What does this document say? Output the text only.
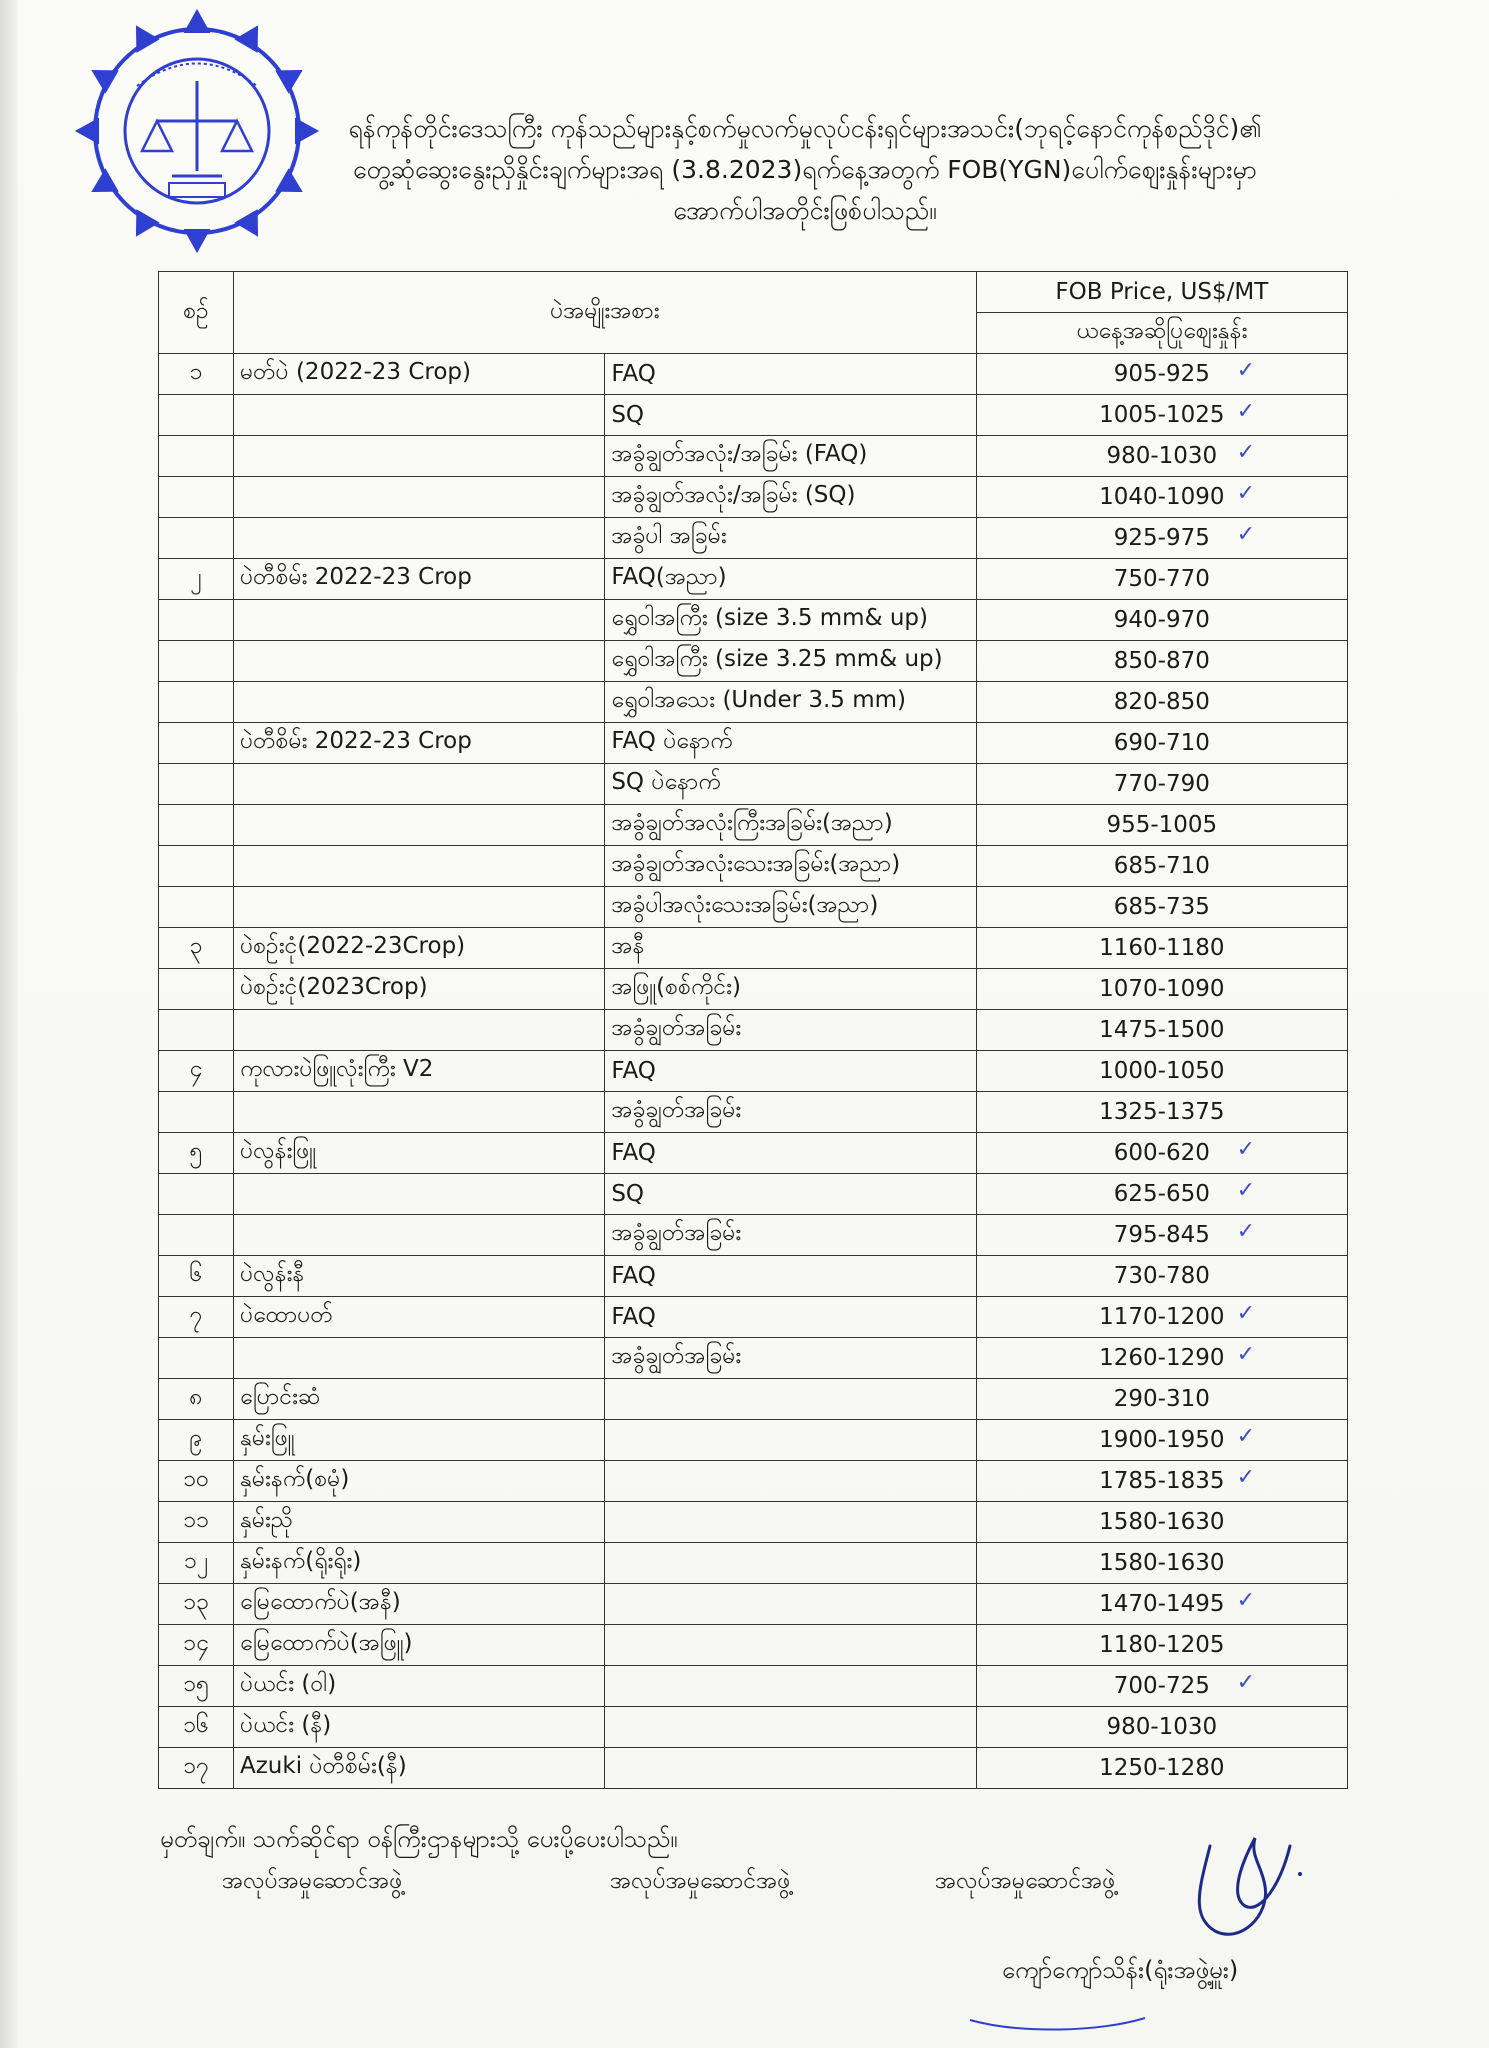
ရန်ကုန်တိုင်းဒေသကြီး ကုန်သည်များနှင့်စက်မှုလက်မှုလုပ်ငန်းရှင်များအသင်း(ဘုရင့်နောင်ကုန်စည်ဒိုင်)၏
တွေ့ဆုံဆွေးနွေးညှိနှိုင်းချက်များအရ (3.8.2023)ရက်နေ့အတွက် FOB(YGN)ပေါက်ဈေးနှုန်းများမှာ
အောက်ပါအတိုင်းဖြစ်ပါသည်။
စဉ်	ပဲအမျိုးအစား		FOB Price, US$/MT
			ယနေ့အဆိုပြုဈေးနှုန်း
၁	မတ်ပဲ (2022-23 Crop)	FAQ	905-925 ✓

		SQ	1005-1025 ✓

		အခွံချွတ်အလုံး/အခြမ်း (FAQ)	980-1030 ✓

		အခွံချွတ်အလုံး/အခြမ်း (SQ)	1040-1090 ✓

		အခွံပါ အခြမ်း	925-975 ✓

၂	ပဲတီစိမ်း 2022-23 Crop	FAQ(အညာ)	750-770
		ရွှေဝါအကြီး (size 3.5 mm& up)	940-970
		ရွှေဝါအကြီး (size 3.25 mm& up)	850-870
		ရွှေဝါအသေး (Under 3.5 mm)	820-850
	ပဲတီစိမ်း 2022-23 Crop	FAQ ပဲနောက်	690-710
		SQ ပဲနောက်	770-790
		အခွံချွတ်အလုံးကြီးအခြမ်း(အညာ)	955-1005
		အခွံချွတ်အလုံးသေးအခြမ်း(အညာ)	685-710
		အခွံပါအလုံးသေးအခြမ်း(အညာ)	685-735
၃	ပဲစဉ်းငုံ(2022-23Crop)	အနီ	1160-1180
	ပဲစဉ်းငုံ(2023Crop)	အဖြူ(စစ်ကိုင်း)	1070-1090
		အခွံချွတ်အခြမ်း	1475-1500
၄	ကုလားပဲဖြူလုံးကြီး V2	FAQ	1000-1050
		အခွံချွတ်အခြမ်း	1325-1375
၅	ပဲလွန်းဖြူ	FAQ	600-620 ✓

		SQ	625-650 ✓

		အခွံချွတ်အခြမ်း	795-845 ✓

၆	ပဲလွန်းနီ	FAQ	730-780
၇	ပဲထောပတ်	FAQ	1170-1200 ✓

		အခွံချွတ်အခြမ်း	1260-1290 ✓

၈	ပြောင်းဆံ		290-310
၉	နှမ်းဖြူ		1900-1950 ✓

၁၀	နှမ်းနက်(စမုံ)		1785-1835 ✓

၁၁	နှမ်းညို		1580-1630
၁၂	နှမ်းနက်(ရိုးရိုး)		1580-1630
၁၃	မြေထောက်ပဲ(အနီ)		1470-1495 ✓

၁၄	မြေထောက်ပဲ(အဖြူ)		1180-1205
၁၅	ပဲယင်း (ဝါ)		700-725 ✓

၁၆	ပဲယင်း (နီ)		980-1030
၁၇	Azuki ပဲတီစိမ်း(နီ)		1250-1280
မှတ်ချက်။ သက်ဆိုင်ရာ ဝန်ကြီးဌာနများသို့ ပေးပို့ပေးပါသည်။
အလုပ်အမှုဆောင်အဖွဲ့	အလုပ်အမှုဆောင်အဖွဲ့	အလုပ်အမှုဆောင်အဖွဲ့
ကျော်ကျော်သိန်း(ရုံးအဖွဲ့မှူး)
